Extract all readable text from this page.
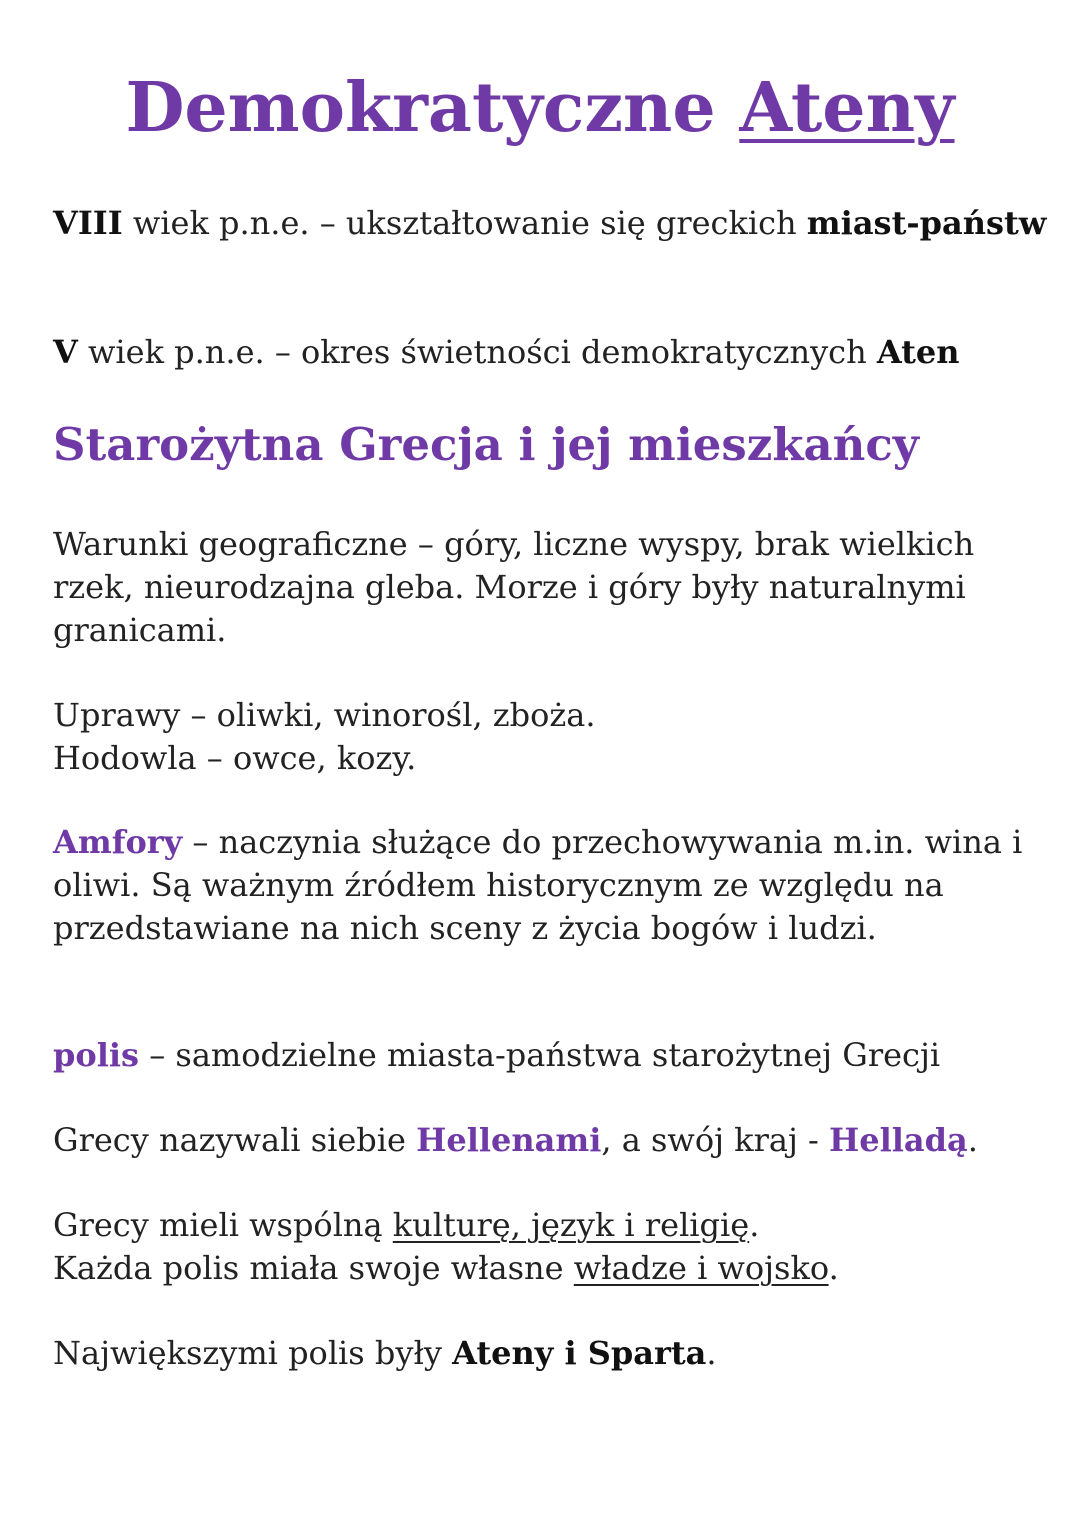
Demokratyczne Ateny

VIII wiek p.n.e. – ukształtowanie się greckich miast-państw

V wiek p.n.e. – okres świetności demokratycznych Aten

Starożytna Grecja i jej mieszkańcy

Warunki geograficzne – góry, liczne wyspy, brak wielkich rzek, nieurodzajna gleba. Morze i góry były naturalnymi granicami.

Uprawy – oliwki, winorośl, zboża.

Hodowla – owce, kozy.

Amfory – naczynia służące do przechowywania m.in. wina i oliwi. Są ważnym źródłem historycznym ze względu na przedstawiane na nich sceny z życia bogów i ludzi.

polis – samodzielne miasta-państwa starożytnej Grecji

Grecy nazywali siebie Hellenami, a swój kraj - Helladą.

Grecy mieli wspólną kulturę, język i religię.

Każda polis miała swoje własne władze i wojsko.

Największymi polis były Ateny i Sparta.
